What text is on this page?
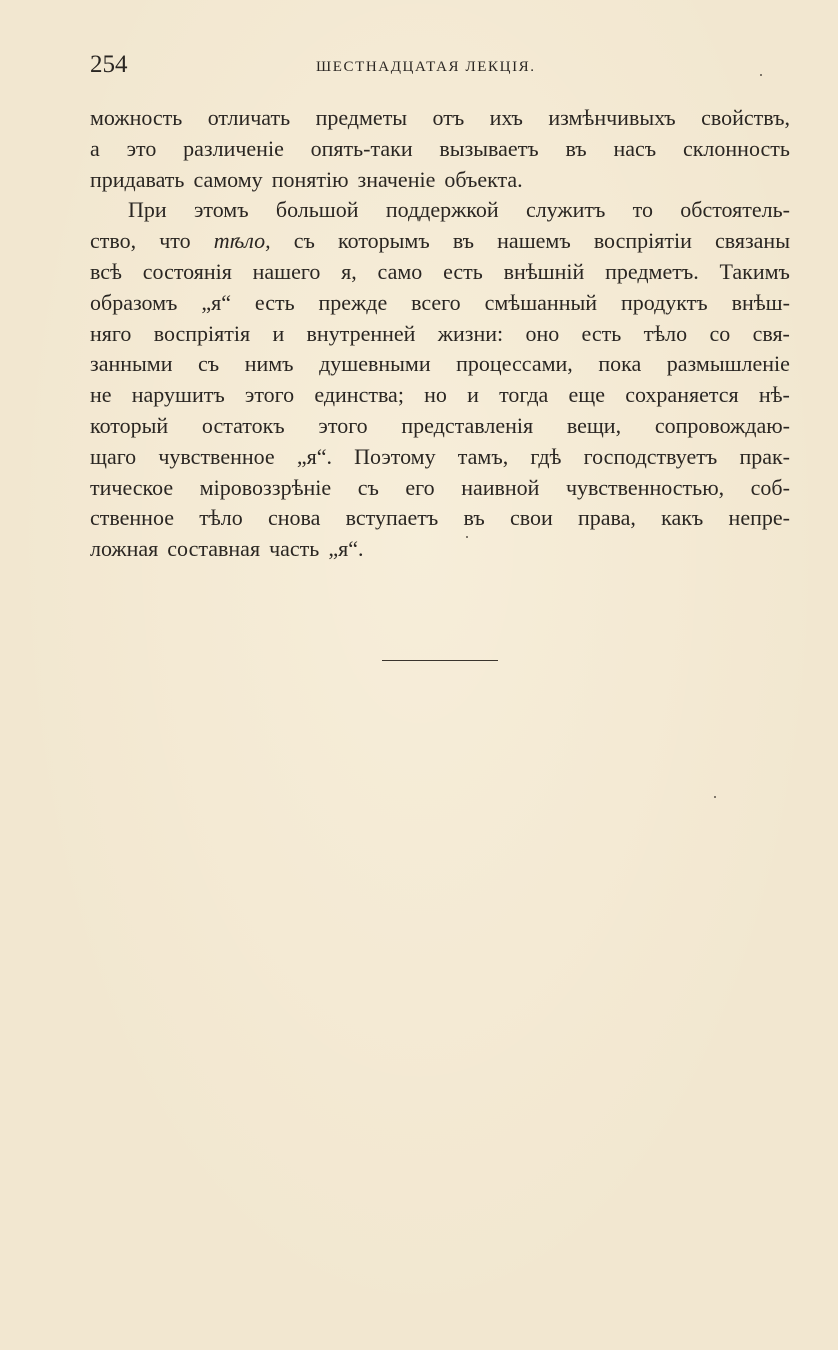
254	ШЕСТНАДЦАТАЯ ЛЕКЦІЯ.
можность отличать предметы отъ ихъ измѣнчивыхъ свойствъ,
а это различеніе опять-таки вызываетъ въ насъ склонность
придавать самому понятію значеніе объекта.
При этомъ большой поддержкой служитъ то обстоятель-
ство, что тѣло, съ которымъ въ нашемъ воспріятіи связаны
всѣ состоянія нашего я, само есть внѣшній предметъ. Такимъ
образомъ „я“ есть прежде всего смѣшанный продуктъ внѣш-
няго воспріятія и внутренней жизни: оно есть тѣло со свя-
занными съ нимъ душевными процессами, пока размышленіе
не нарушитъ этого единства; но и тогда еще сохраняется нѣ-
который остатокъ этого представленія вещи, сопровождаю-
щаго чувственное „я“. Поэтому тамъ, гдѣ господствуетъ прак-
тическое міровоззрѣніе съ его наивной чувственностью, соб-
ственное тѣло снова вступаетъ въ свои права, какъ непре-
ложная составная часть „я“.
